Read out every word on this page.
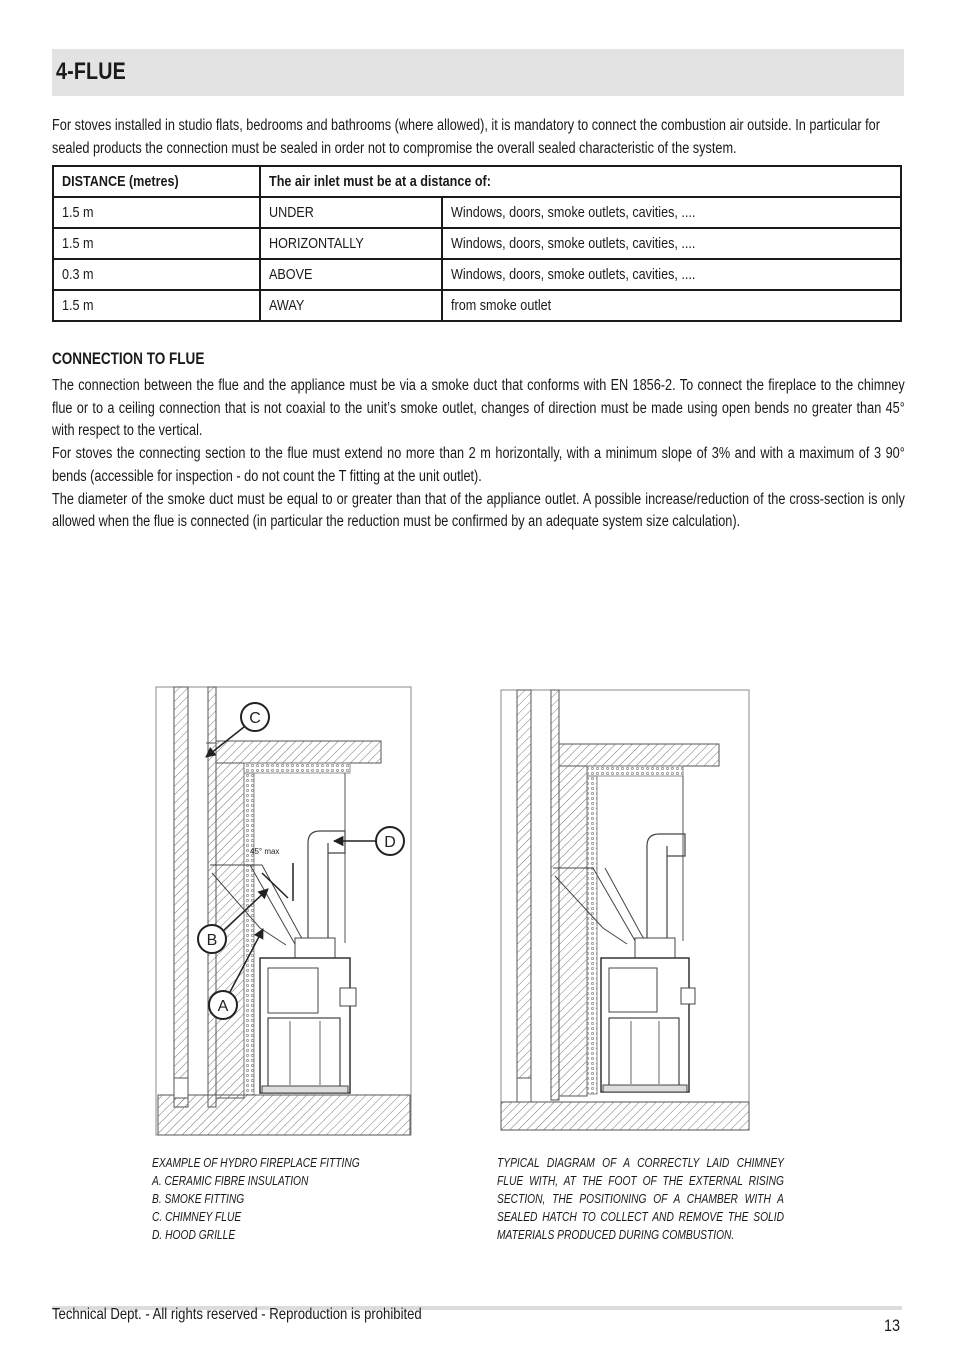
4-FLUE

For stoves installed in studio flats, bedrooms and bathrooms (where allowed), it is mandatory to connect the combustion air outside. In particular for sealed products the connection must be sealed in order not to compromise the overall sealed characteristic of the system.

DISTANCE (metres)	The air inlet must be at a distance of:	
1.5 m	UNDER	Windows, doors, smoke outlets, cavities, ....
1.5 m	HORIZONTALLY	Windows, doors, smoke outlets, cavities, ....
0.3 m	ABOVE	Windows, doors, smoke outlets, cavities, ....
1.5 m	AWAY	from smoke outlet
CONNECTION TO FLUE

The connection between the flue and the appliance must be via a smoke duct that conforms with EN 1856-2. To connect the fireplace to the chimney flue or to a ceiling connection that is not coaxial to the unit’s smoke outlet, changes of direction must be made using open bends no greater than 45° with respect to the vertical.

For stoves the connecting section to the flue must extend no more than 2 m horizontally, with a minimum slope of 3% and with a maximum of 3 90° bends (accessible for inspection - do not count the T fitting at the unit outlet).

The diameter of the smoke duct must be equal to or greater than that of the appliance outlet. A possible increase/reduction of the cross-section is only allowed when the flue is connected (in particular the reduction must be confirmed by an adequate system size calculation).

45° max
C
D
B
A
EXAMPLE OF HYDRO FIREPLACE FITTING
A. CERAMIC FIBRE INSULATION
B. SMOKE FITTING
C. CHIMNEY FLUE
D. HOOD GRILLE
TYPICAL DIAGRAM OF A CORRECTLY LAID CHIMNEY FLUE WITH, AT THE FOOT OF THE EXTERNAL RISING SECTION, THE POSITIONING OF A CHAMBER WITH A SEALED HATCH TO COLLECT AND REMOVE THE SOLID MATERIALS PRODUCED DURING COMBUSTION.
Technical Dept. - All rights reserved - Reproduction is prohibited
13
